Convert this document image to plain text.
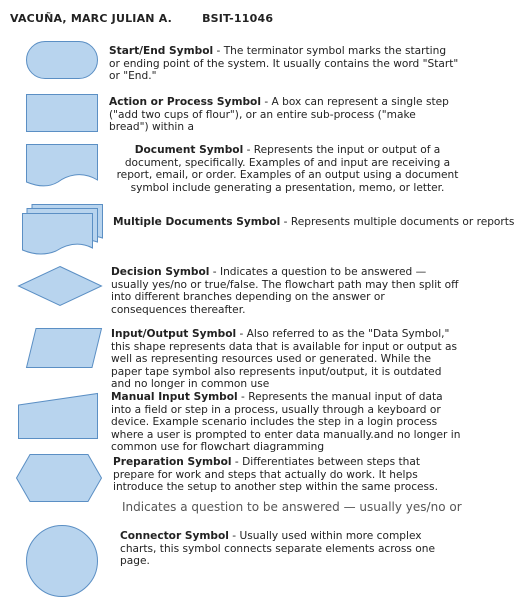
VACUÑA, MARC JULIAN A.	BSIT-11046
Start/End Symbol - The terminator symbol marks the starting or ending point of the system. It usually contains the word "Start" or "End."
Action or Process Symbol - A box can represent a single step ("add two cups of flour"), or an entire sub-process ("make bread") within a
Document Symbol - Represents the input or output of a document, specifically. Examples of and input are receiving a report, email, or order. Examples of an output using a document symbol include generating a presentation, memo, or letter.
Multiple Documents Symbol - Represents multiple documents or reports
Decision Symbol - Indicates a question to be answered — usually yes/no or true/false. The flowchart path may then split off into different branches depending on the answer or consequences thereafter.
Input/Output Symbol - Also referred to as the "Data Symbol," this shape represents data that is available for input or output as well as representing resources used or generated. While the paper tape symbol also represents input/output, it is outdated and no longer in common use
Manual Input Symbol - Represents the manual input of data into a field or step in a process, usually through a keyboard or device. Example scenario includes the step in a login process where a user is prompted to enter data manually.and no longer in common use for flowchart diagramming
Preparation Symbol - Differentiates between steps that prepare for work and steps that actually do work. It helps introduce the setup to another step within the same process.
Indicates a question to be answered — usually yes/no or
Connector Symbol - Usually used within more complex charts, this symbol connects separate elements across one page.
